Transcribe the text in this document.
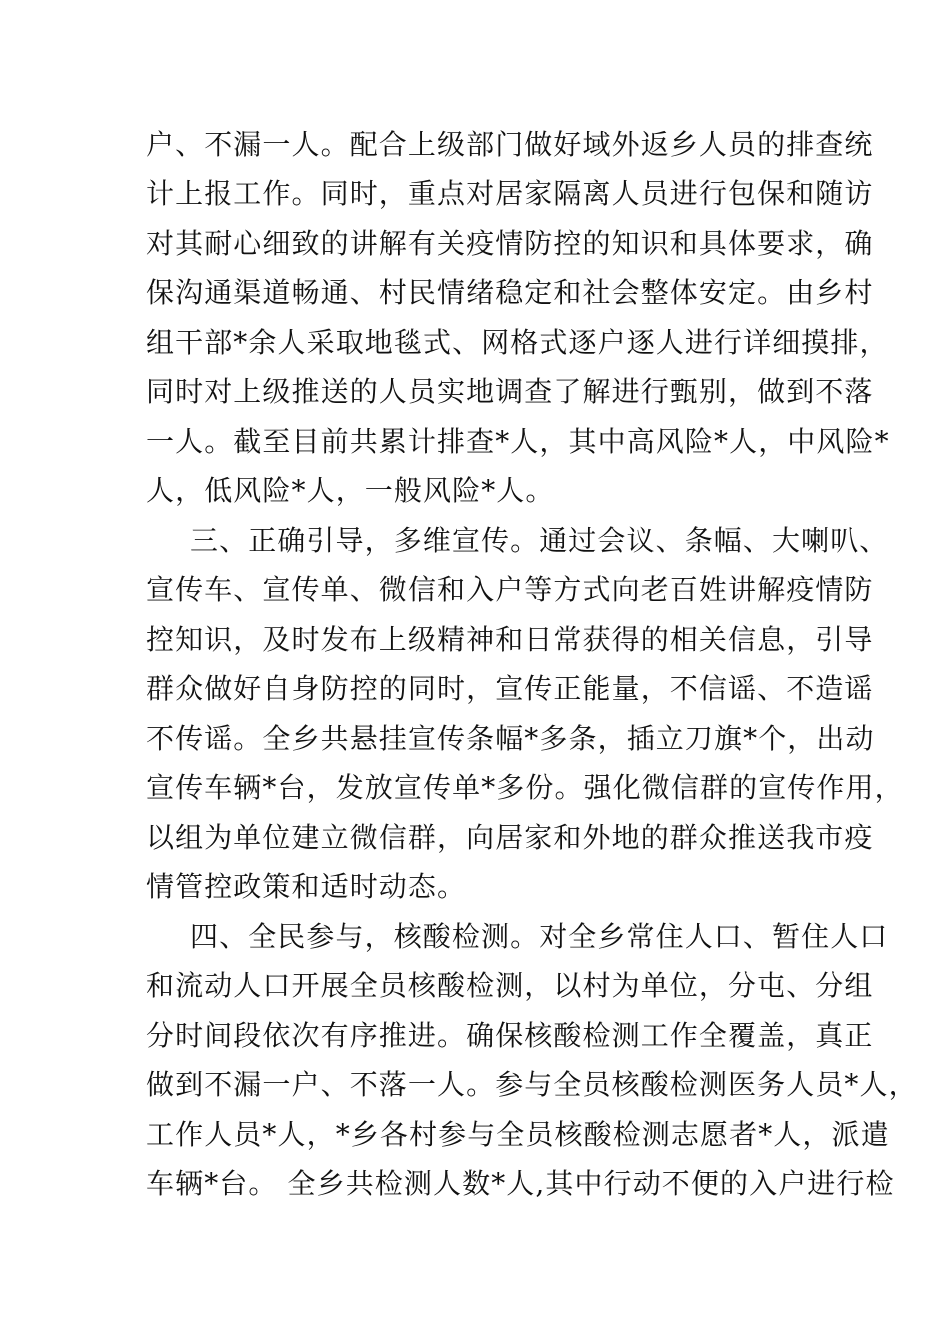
户、不漏一人。配合上级部门做好域外返乡人员的排查统
计上报工作。同时，重点对居家隔离人员进行包保和随访
对其耐心细致的讲解有关疫情防控的知识和具体要求，确
保沟通渠道畅通、村民情绪稳定和社会整体安定。由乡村
组干部*余人采取地毯式、网格式逐户逐人进行详细摸排，
同时对上级推送的人员实地调查了解进行甄别，做到不落
一人。截至目前共累计排查*人，其中高风险*人，中风险*
人，低风险*人，一般风险*人。
三、正确引导，多维宣传。通过会议、条幅、大喇叭、
宣传车、宣传单、微信和入户等方式向老百姓讲解疫情防
控知识，及时发布上级精神和日常获得的相关信息，引导
群众做好自身防控的同时，宣传正能量，不信谣、不造谣
不传谣。全乡共悬挂宣传条幅*多条，插立刀旗*个，出动
宣传车辆*台，发放宣传单*多份。强化微信群的宣传作用，
以组为单位建立微信群，向居家和外地的群众推送我市疫
情管控政策和适时动态。
四、全民参与，核酸检测。对全乡常住人口、暂住人口
和流动人口开展全员核酸检测，以村为单位，分屯、分组
分时间段依次有序推进。确保核酸检测工作全覆盖，真正
做到不漏一户、不落一人。参与全员核酸检测医务人员*人，
工作人员*人，*乡各村参与全员核酸检测志愿者*人，派遣
车辆*台。 全乡共检测人数*人,其中行动不便的入户进行检
